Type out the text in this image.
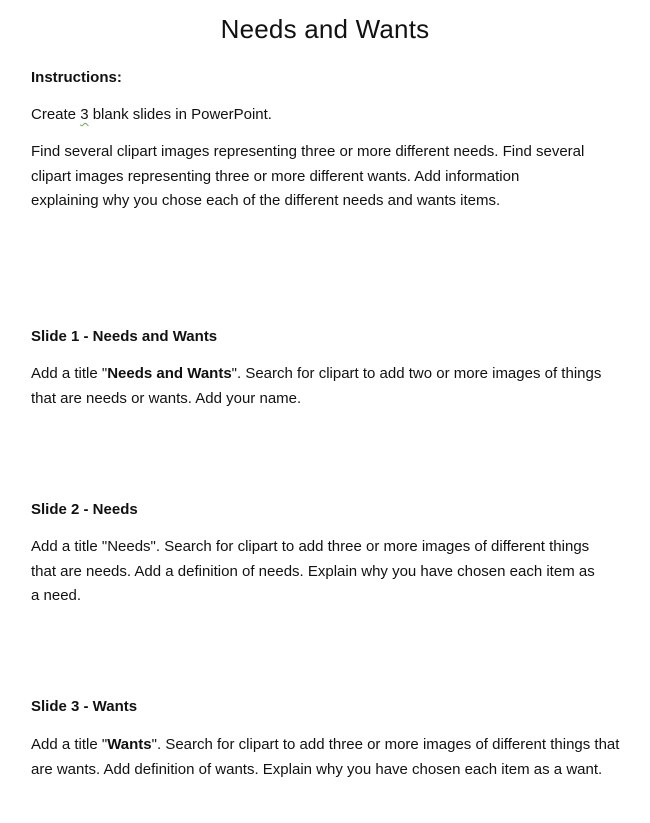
Needs and Wants

Instructions:

Create 3 blank slides in PowerPoint.

Find several clipart images representing three or more different needs. Find several clipart images representing three or more different wants. Add information explaining why you chose each of the different needs and wants items.

Slide 1 - Needs and Wants

Add a title "Needs and Wants". Search for clipart to add two or more images of things that are needs or wants. Add your name.

Slide 2 - Needs

Add a title "Needs". Search for clipart to add three or more images of different things that are needs. Add a definition of needs. Explain why you have chosen each item as a need.

Slide 3 - Wants

Add a title "Wants". Search for clipart to add three or more images of different things that are wants. Add definition of wants. Explain why you have chosen each item as a want.
